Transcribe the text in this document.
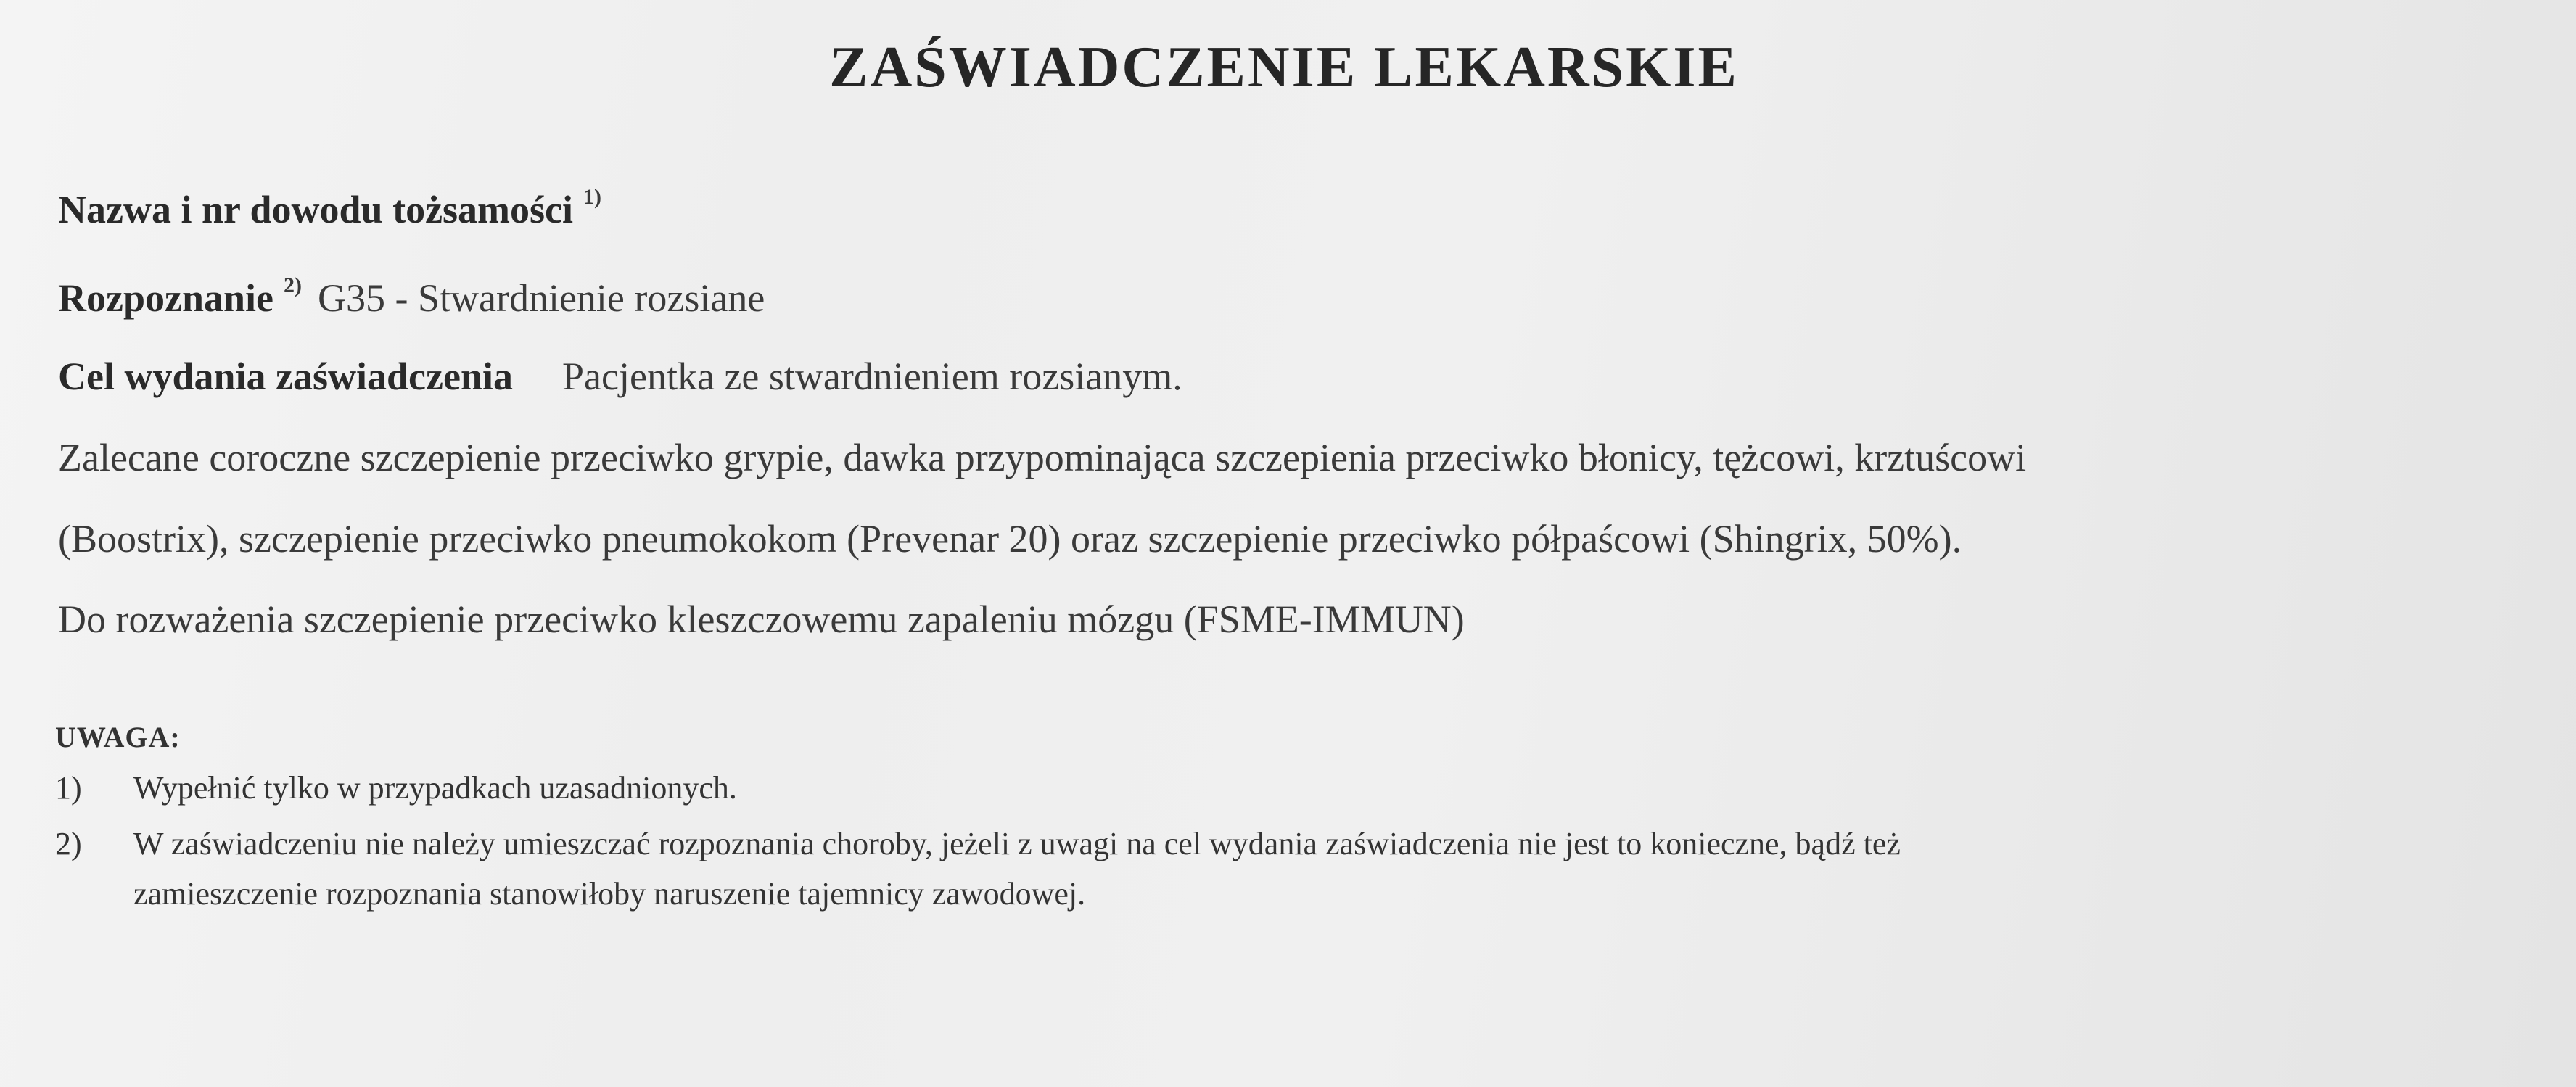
ZAŚWIADCZENIE LEKARSKIE
Nazwa i nr dowodu tożsamości $^{1)}$
Rozpoznanie $^{2)}$ G35 - Stwardnienie rozsiane
Cel wydania zaświadczenia Pacjentka ze stwardnieniem rozsianym.
Zalecane coroczne szczepienie przeciwko grypie, dawka przypominająca szczepienia przeciwko błonicy, tężcowi, krztuścowi
(Boostrix), szczepienie przeciwko pneumokokom (Prevenar 20) oraz szczepienie przeciwko półpaścowi (Shingrix, 50%).
Do rozważenia szczepienie przeciwko kleszczowemu zapaleniu mózgu (FSME-IMMUN)
UWAGA:
1) Wypełnić tylko w przypadkach uzasadnionych.
2) W zaświadczeniu nie należy umieszczać rozpoznania choroby, jeżeli z uwagi na cel wydania zaświadczenia nie jest to konieczne, bądź też
zamieszczenie rozpoznania stanowiłoby naruszenie tajemnicy zawodowej.
